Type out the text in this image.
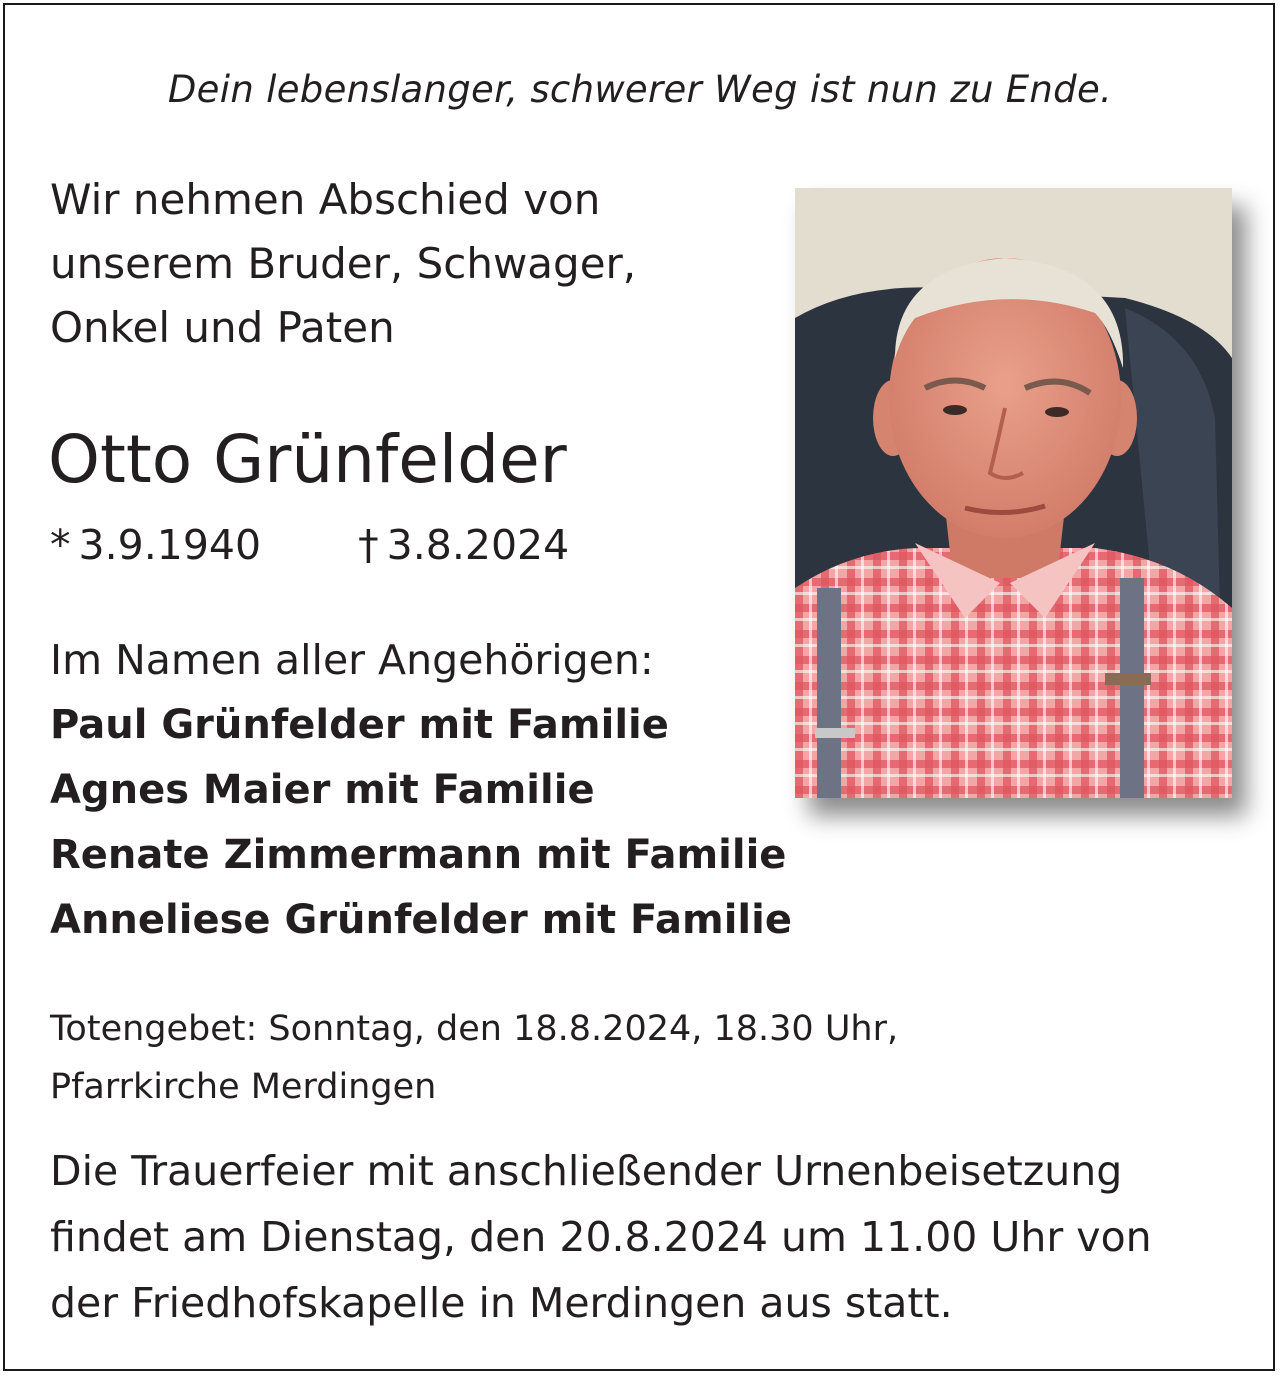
Dein lebenslanger, schwerer Weg ist nun zu Ende.
Wir nehmen Abschied von
unserem Bruder, Schwager,
Onkel und Paten
Otto Grünfelder
* 3.9.1940 † 3.8.2024
Im Namen aller Angehörigen:
Paul Grünfelder mit Familie
Agnes Maier mit Familie
Renate Zimmermann mit Familie
Anneliese Grünfelder mit Familie
Totengebet: Sonntag, den 18.8.2024, 18.30 Uhr,
Pfarrkirche Merdingen
Die Trauerfeier mit anschließender Urnenbeisetzung
findet am Dienstag, den 20.8.2024 um 11.00 Uhr von
der Friedhofskapelle in Merdingen aus statt.
